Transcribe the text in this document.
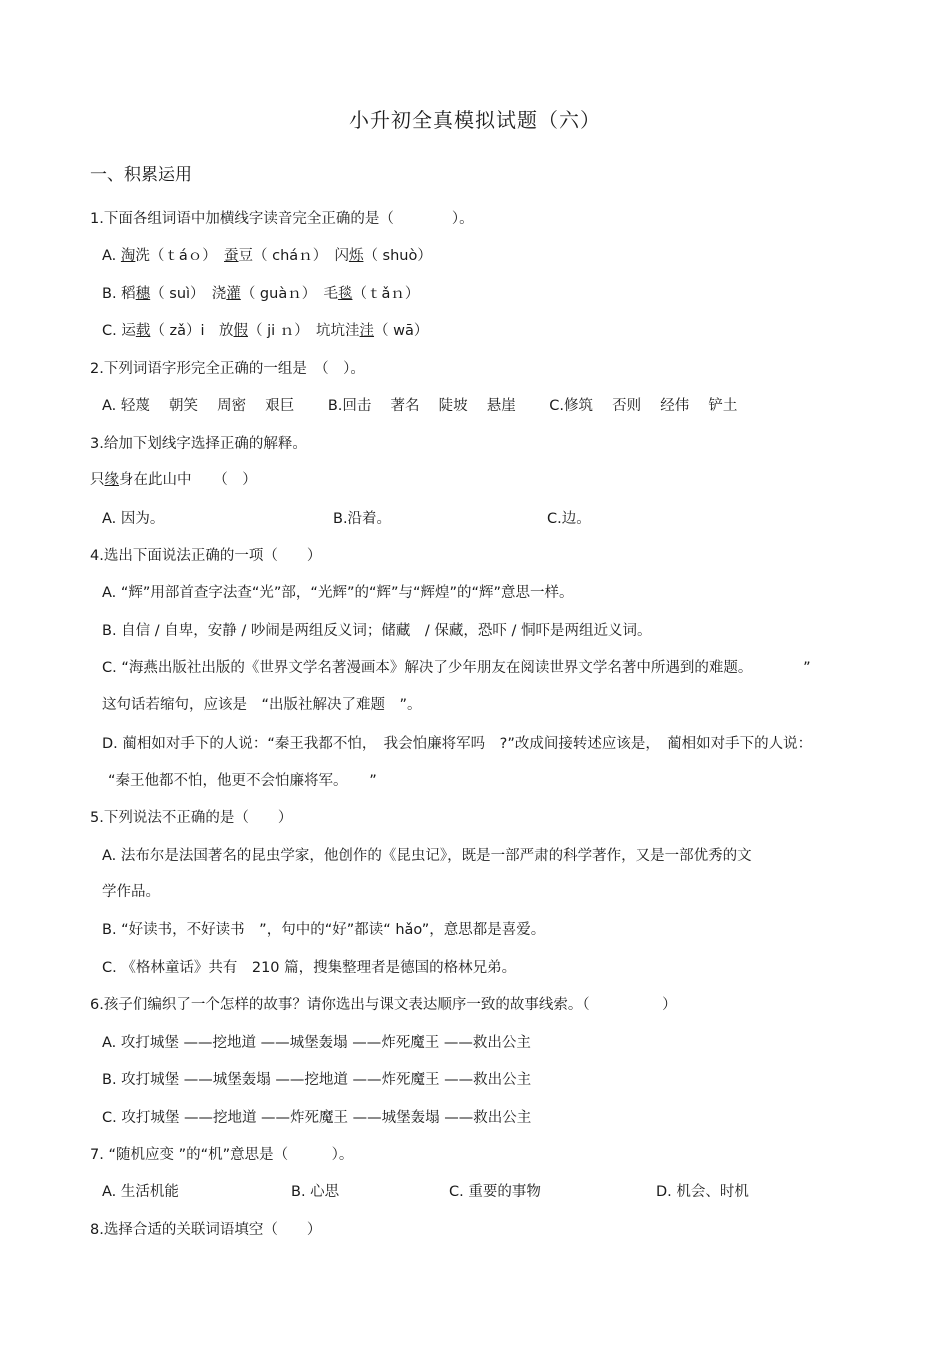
小升初全真模拟试题（六）
一、积累运用
1.下面各组词语中加横线字读音完全正确的是（　　　　）。
A. 淘洗（ｔáｏ）　蚕豆（ cháｎ）　闪烁（ shuò）
B. 稻穗（ suì）　浇灌（ guàｎ）　毛毯（ｔǎｎ）
C. 运载（ zǎ）i　放假（ ji ｎ）　坑坑洼洼（ wā）
2.下列词语字形完全正确的一组是　（　）。
A. 轻蔑　 朝笑　 周密　 艰巨　　 B.回击　 著名　 陡坡　 悬崖　　 C.修筑　 否则　 经伟　 铲土
3.给加下划线字选择正确的解释。
只缘身在此山中　　（　）
A. 因为。	B.沿着。	C.边。
4.选出下面说法正确的一项（　　）
A. “辉”用部首查字法查“光”部，“光辉”的“辉”与“辉煌”的“辉”意思一样。
B. 自信 / 自卑，安静 / 吵闹是两组反义词；储藏　/ 保藏，恐吓 / 恫吓是两组近义词。
C. “海燕出版社出版的《世界文学名著漫画本》解决了少年朋友在阅读世界文学名著中所遇到的难题。　　　　”
这句话若缩句，应该是　“出版社解决了难题　”。
D. 蔺相如对手下的人说：“秦王我都不怕，　我会怕廉将军吗　?”改成间接转述应该是，　蔺相如对手下的人说：
“秦王他都不怕，他更不会怕廉将军。　　”
5.下列说法不正确的是（　　）
A. 法布尔是法国著名的昆虫学家，他创作的《昆虫记》，既是一部严肃的科学著作，又是一部优秀的文
学作品。
B. “好读书，不好读书　”，句中的“好”都读“ hǎo”，意思都是喜爱。
C. 《格林童话》共有　210 篇，搜集整理者是德国的格林兄弟。
6.孩子们编织了一个怎样的故事？请你选出与课文表达顺序一致的故事线索。（　　　　　）
A. 攻打城堡 ——挖地道 ——城堡轰塌 ——炸死魔王 ——救出公主
B. 攻打城堡 ——城堡轰塌 ——挖地道 ——炸死魔王 ——救出公主
C. 攻打城堡 ——挖地道 ——炸死魔王 ——城堡轰塌 ——救出公主
7. “随机应变 ”的“机”意思是（　　　）。
A. 生活机能	B. 心思	C. 重要的事物	D. 机会、时机
8.选择合适的关联词语填空（　　）
